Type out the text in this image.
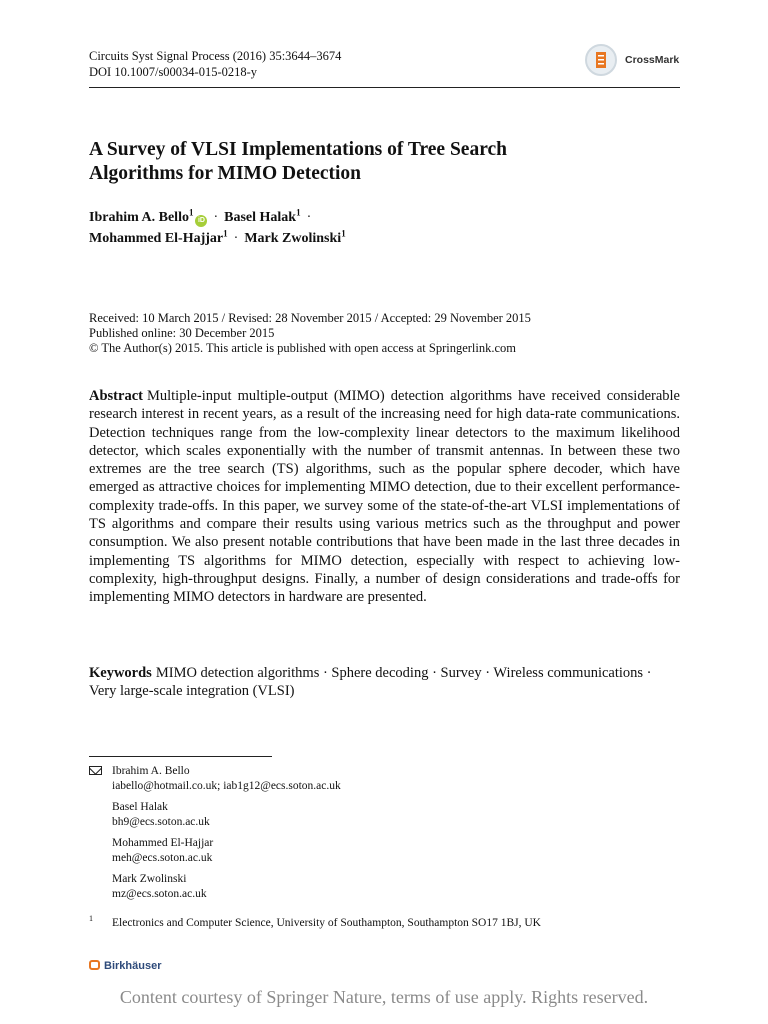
Circuits Syst Signal Process (2016) 35:3644–3674
DOI 10.1007/s00034-015-0218-y
CrossMark
A Survey of VLSI Implementations of Tree Search
Algorithms for MIMO Detection
Ibrahim A. Bello$^1$iD · Basel Halak$^1$ ·
Mohammed El-Hajjar$^1$ · Mark Zwolinski$^1$
Received: 10 March 2015 / Revised: 28 November 2015 / Accepted: 29 November 2015
Published online: 30 December 2015
© The Author(s) 2015. This article is published with open access at Springerlink.com
Abstract Multiple-input multiple-output (MIMO) detection algorithms have received considerable research interest in recent years, as a result of the increasing need for high data-rate communications. Detection techniques range from the low-complexity linear detectors to the maximum likelihood detector, which scales exponentially with the number of transmit antennas. In between these two extremes are the tree search (TS) algorithms, such as the popular sphere decoder, which have emerged as attractive choices for implementing MIMO detection, due to their excellent performance-complexity trade-offs. In this paper, we survey some of the state-of-the-art VLSI implementations of TS algorithms and compare their results using various metrics such as the throughput and power consumption. We also present notable contributions that have been made in the last three decades in implementing TS algorithms for MIMO detection, especially with respect to achieving low-complexity, high-throughput designs. Finally, a number of design considerations and trade-offs for implementing MIMO detectors in hardware are presented.
Keywords MIMO detection algorithms · Sphere decoding · Survey · Wireless communications · Very large-scale integration (VLSI)
Ibrahim A. Bello
iabello@hotmail.co.uk; iab1g12@ecs.soton.ac.uk
Basel Halak
bh9@ecs.soton.ac.uk
Mohammed El-Hajjar
meh@ecs.soton.ac.uk
Mark Zwolinski
mz@ecs.soton.ac.uk
$^1$ Electronics and Computer Science, University of Southampton, Southampton SO17 1BJ, UK
Birkhäuser
Content courtesy of Springer Nature, terms of use apply. Rights reserved.
